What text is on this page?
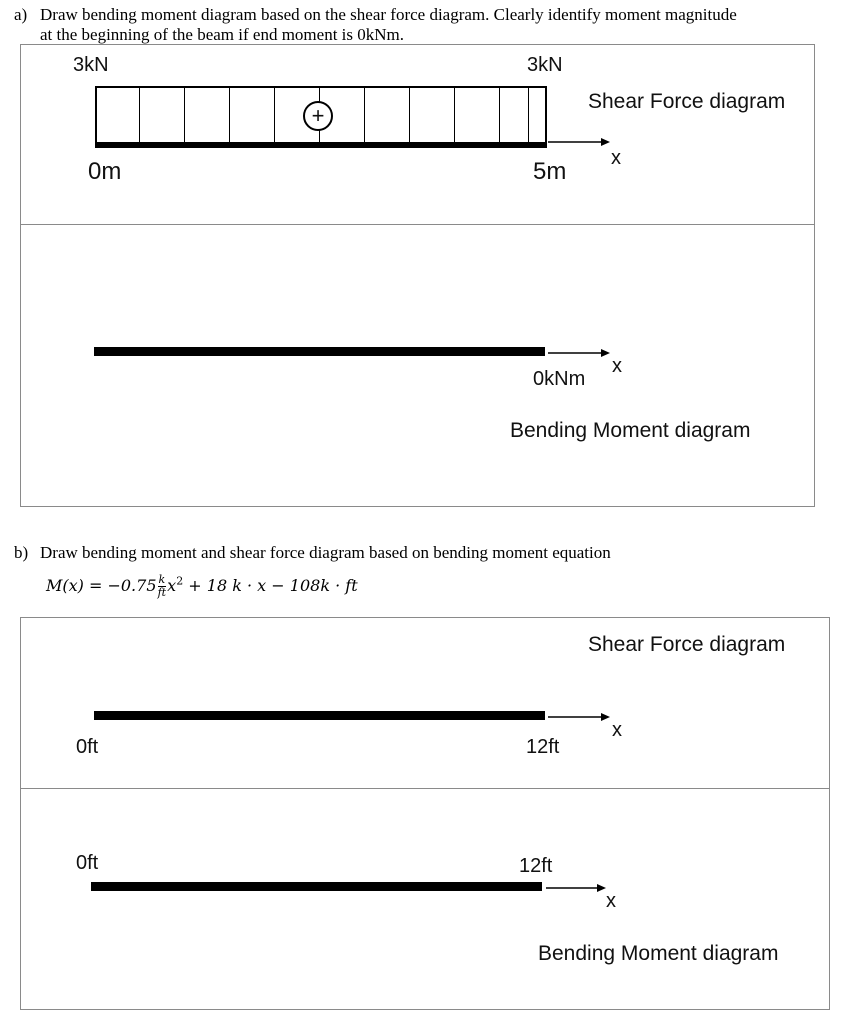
a) Draw bending moment diagram based on the shear force diagram. Clearly identify moment magnitude
at the beginning of the beam if end moment is 0kNm.
3kN	3kN
+
x
0m	5m
Shear Force diagram
x
0kNm
Bending Moment diagram
b) Draw bending moment and shear force diagram based on bending moment equation
$M(x) = -0.75 \frac{k}{ft} x^2 + 18$ k · x − 108k · ft
Shear Force diagram
x
0ft	12ft
0ft	12ft
x
Bending Moment diagram
